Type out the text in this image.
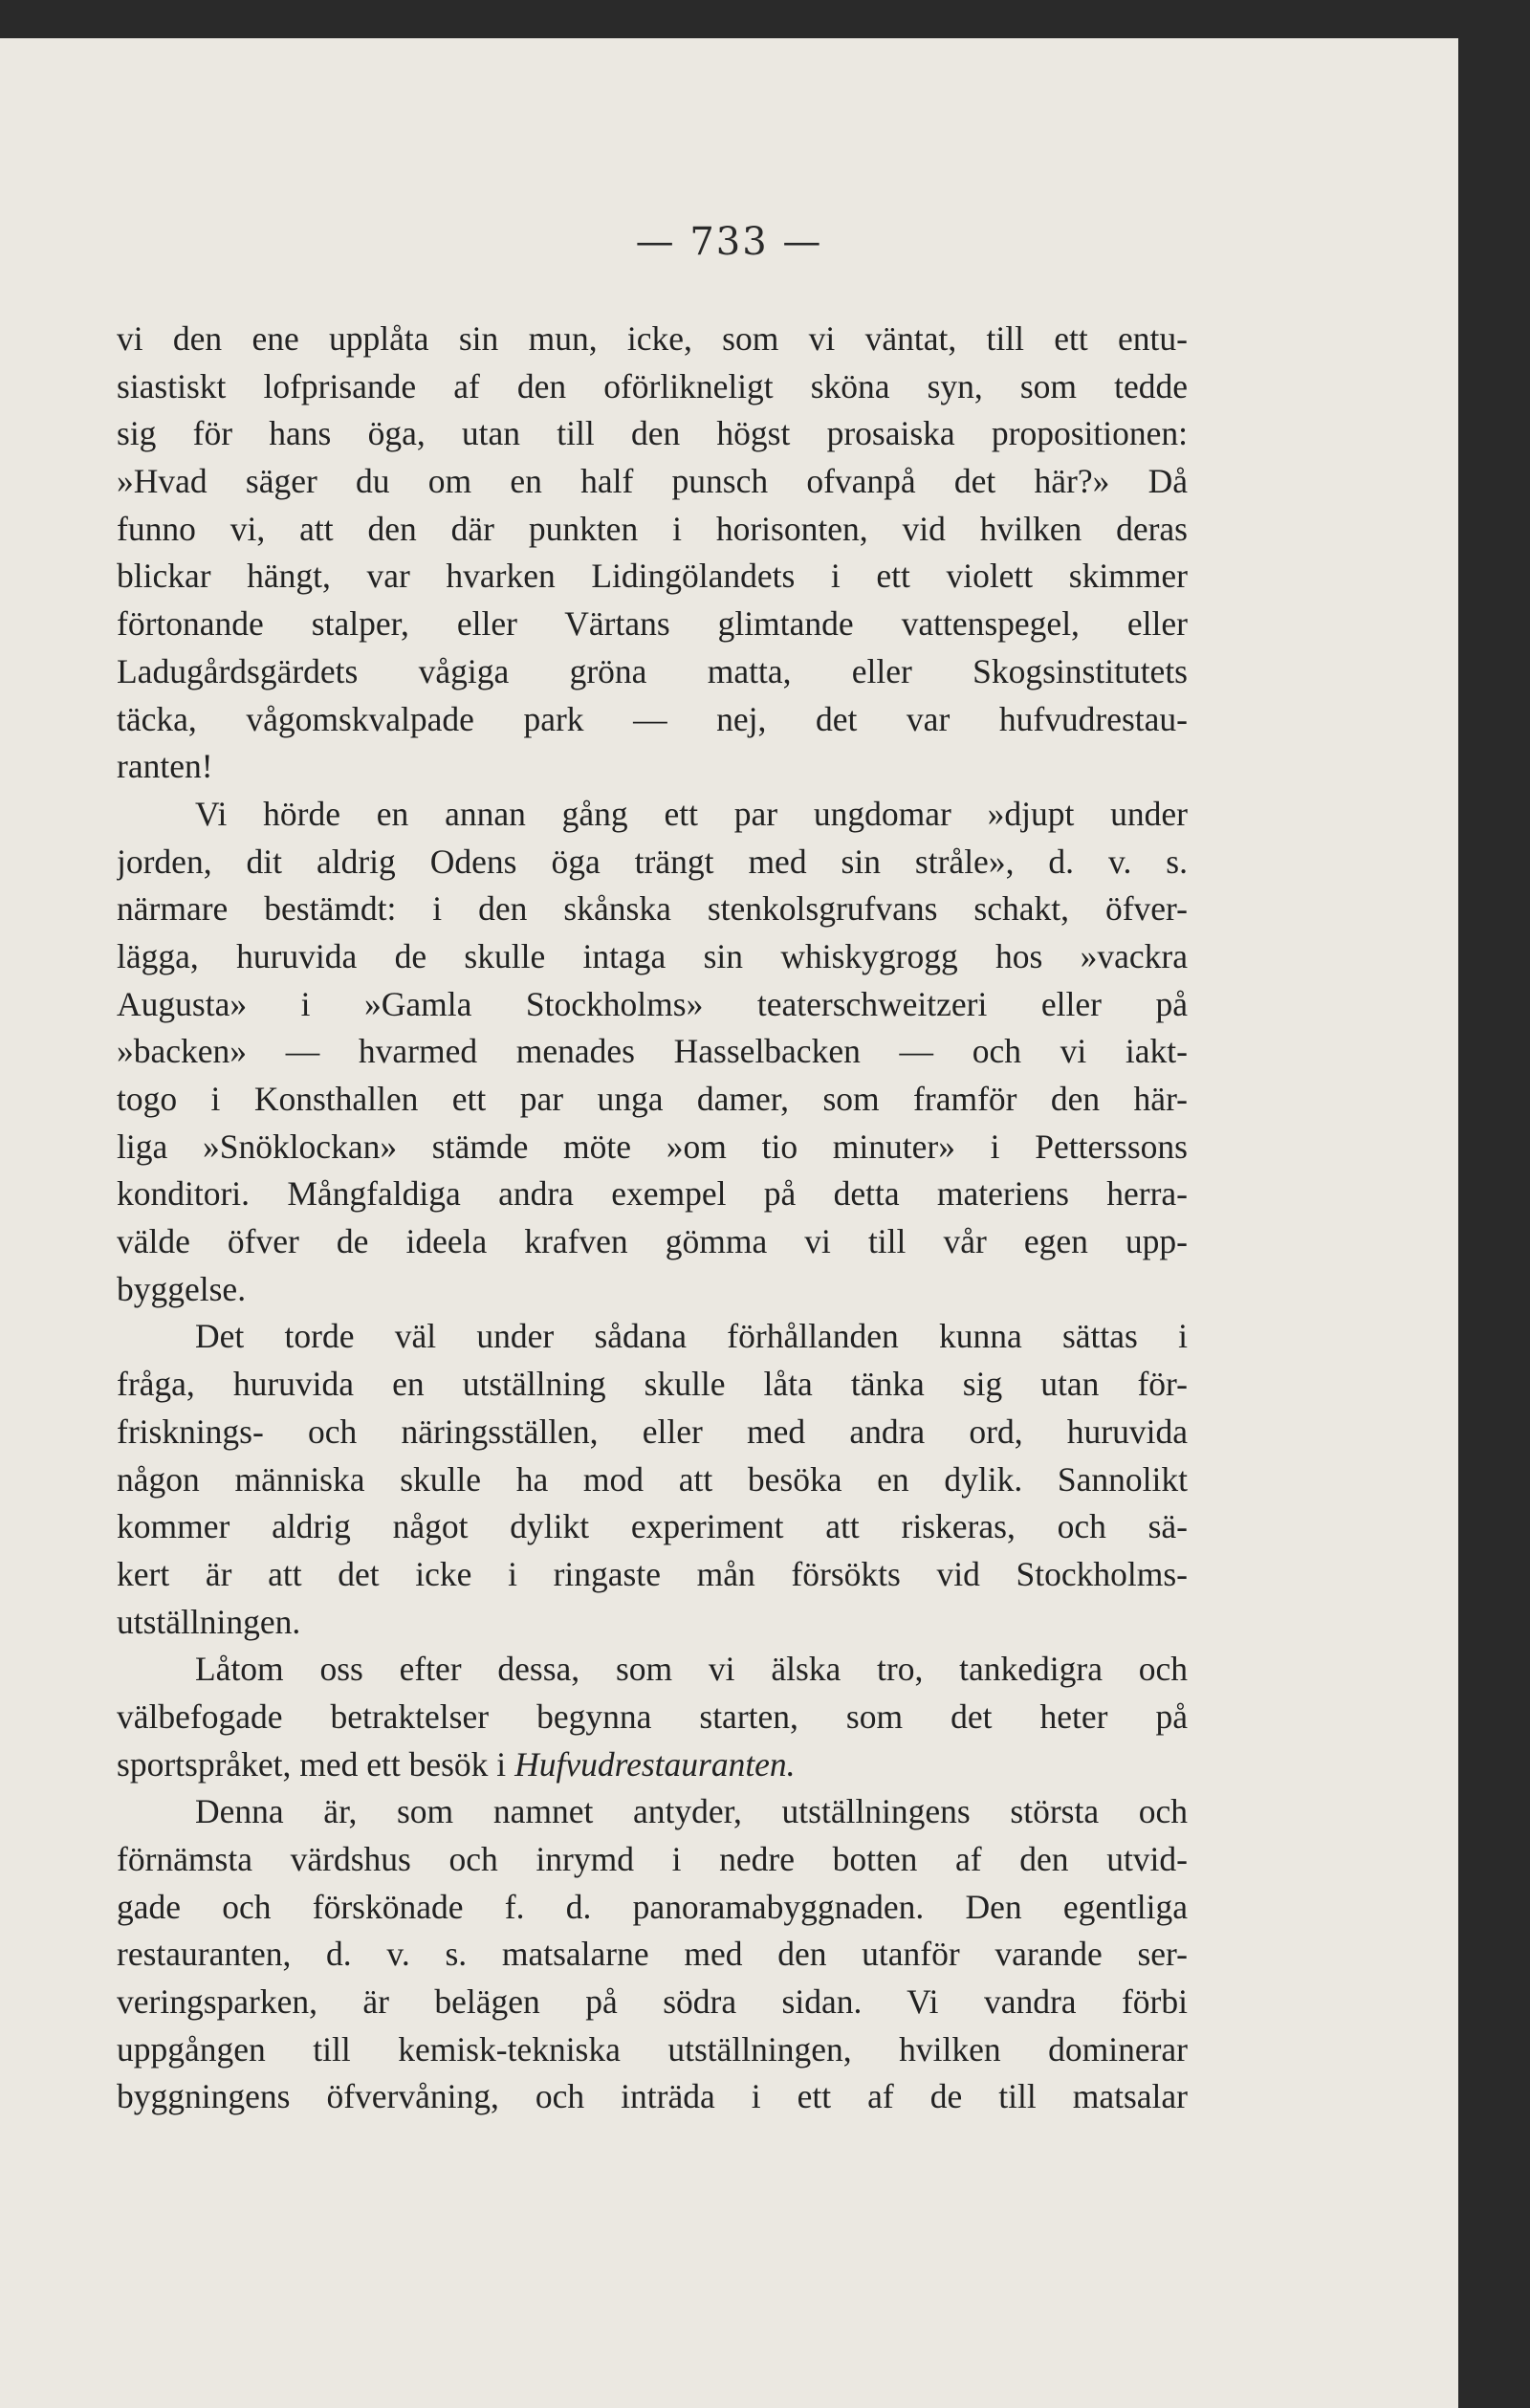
— 733 —
vi den ene upplåta sin mun, icke, som vi väntat, till ett entu-
siastiskt lofprisande af den oförlikneligt sköna syn, som tedde
sig för hans öga, utan till den högst prosaiska propositionen:
»Hvad säger du om en half punsch ofvanpå det här?» Då
funno vi, att den där punkten i horisonten, vid hvilken deras
blickar hängt, var hvarken Lidingölandets i ett violett skimmer
förtonande stalper, eller Värtans glimtande vattenspegel, eller
Ladugårdsgärdets vågiga gröna matta, eller Skogsinstitutets
täcka, vågomskvalpade park — nej, det var hufvudrestau-
ranten!
Vi hörde en annan gång ett par ungdomar »djupt under
jorden, dit aldrig Odens öga trängt med sin stråle», d. v. s.
närmare bestämdt: i den skånska stenkolsgrufvans schakt, öfver-
lägga, huruvida de skulle intaga sin whiskygrogg hos »vackra
Augusta» i »Gamla Stockholms» teaterschweitzeri eller på
»backen» — hvarmed menades Hasselbacken — och vi iakt-
togo i Konsthallen ett par unga damer, som framför den här-
liga »Snöklockan» stämde möte »om tio minuter» i Petterssons
konditori. Mångfaldiga andra exempel på detta materiens herra-
välde öfver de ideela krafven gömma vi till vår egen upp-
byggelse.
Det torde väl under sådana förhållanden kunna sättas i
fråga, huruvida en utställning skulle låta tänka sig utan för-
frisknings- och näringsställen, eller med andra ord, huruvida
någon människa skulle ha mod att besöka en dylik. Sannolikt
kommer aldrig något dylikt experiment att riskeras, och sä-
kert är att det icke i ringaste mån försökts vid Stockholms-
utställningen.
Låtom oss efter dessa, som vi älska tro, tankedigra och
välbefogade betraktelser begynna starten, som det heter på
sportspråket, med ett besök i Hufvudrestauranten.
Denna är, som namnet antyder, utställningens största och
förnämsta värdshus och inrymd i nedre botten af den utvid-
gade och förskönade f. d. panoramabyggnaden. Den egentliga
restauranten, d. v. s. matsalarne med den utanför varande ser-
veringsparken, är belägen på södra sidan. Vi vandra förbi
uppgången till kemisk-tekniska utställningen, hvilken dominerar
byggningens öfvervåning, och inträda i ett af de till matsalar
